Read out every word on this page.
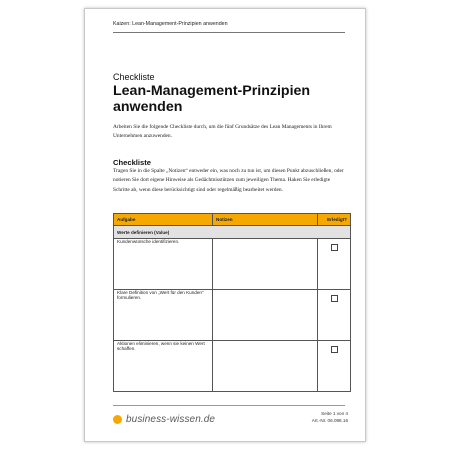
Kaizen: Lean-Management-Prinzipien anwenden
Checkliste
Lean-Management-Prinzipien anwenden
Arbeiten Sie die folgende Checkliste durch, um die fünf Grundsätze des Lean Managements in Ihrem Unternehmen anzuwenden.
Checkliste
Tragen Sie in die Spalte „Notizen“ entweder ein, was noch zu tun ist, um diesen Punkt abzuschließen, oder notieren Sie dort eigene Hinweise als Gedächtnisstützen zum jeweiligen Thema. Haken Sie erledigte Schritte ab, wenn diese berücksichtigt sind oder regelmäßig bearbeitet werden.
Aufgabe	Notizen	Erledigt?
Werte definieren (Value)		
Kundenwünsche identifizieren.		
Klare Definition von „Wert für den Kunden“ formulieren.		
Aktionen eliminieren, wenn sie keinen Wert schaffen.		
business-wissen.de
Seite 1 von 4
Art.-Nr. 06.098.16
